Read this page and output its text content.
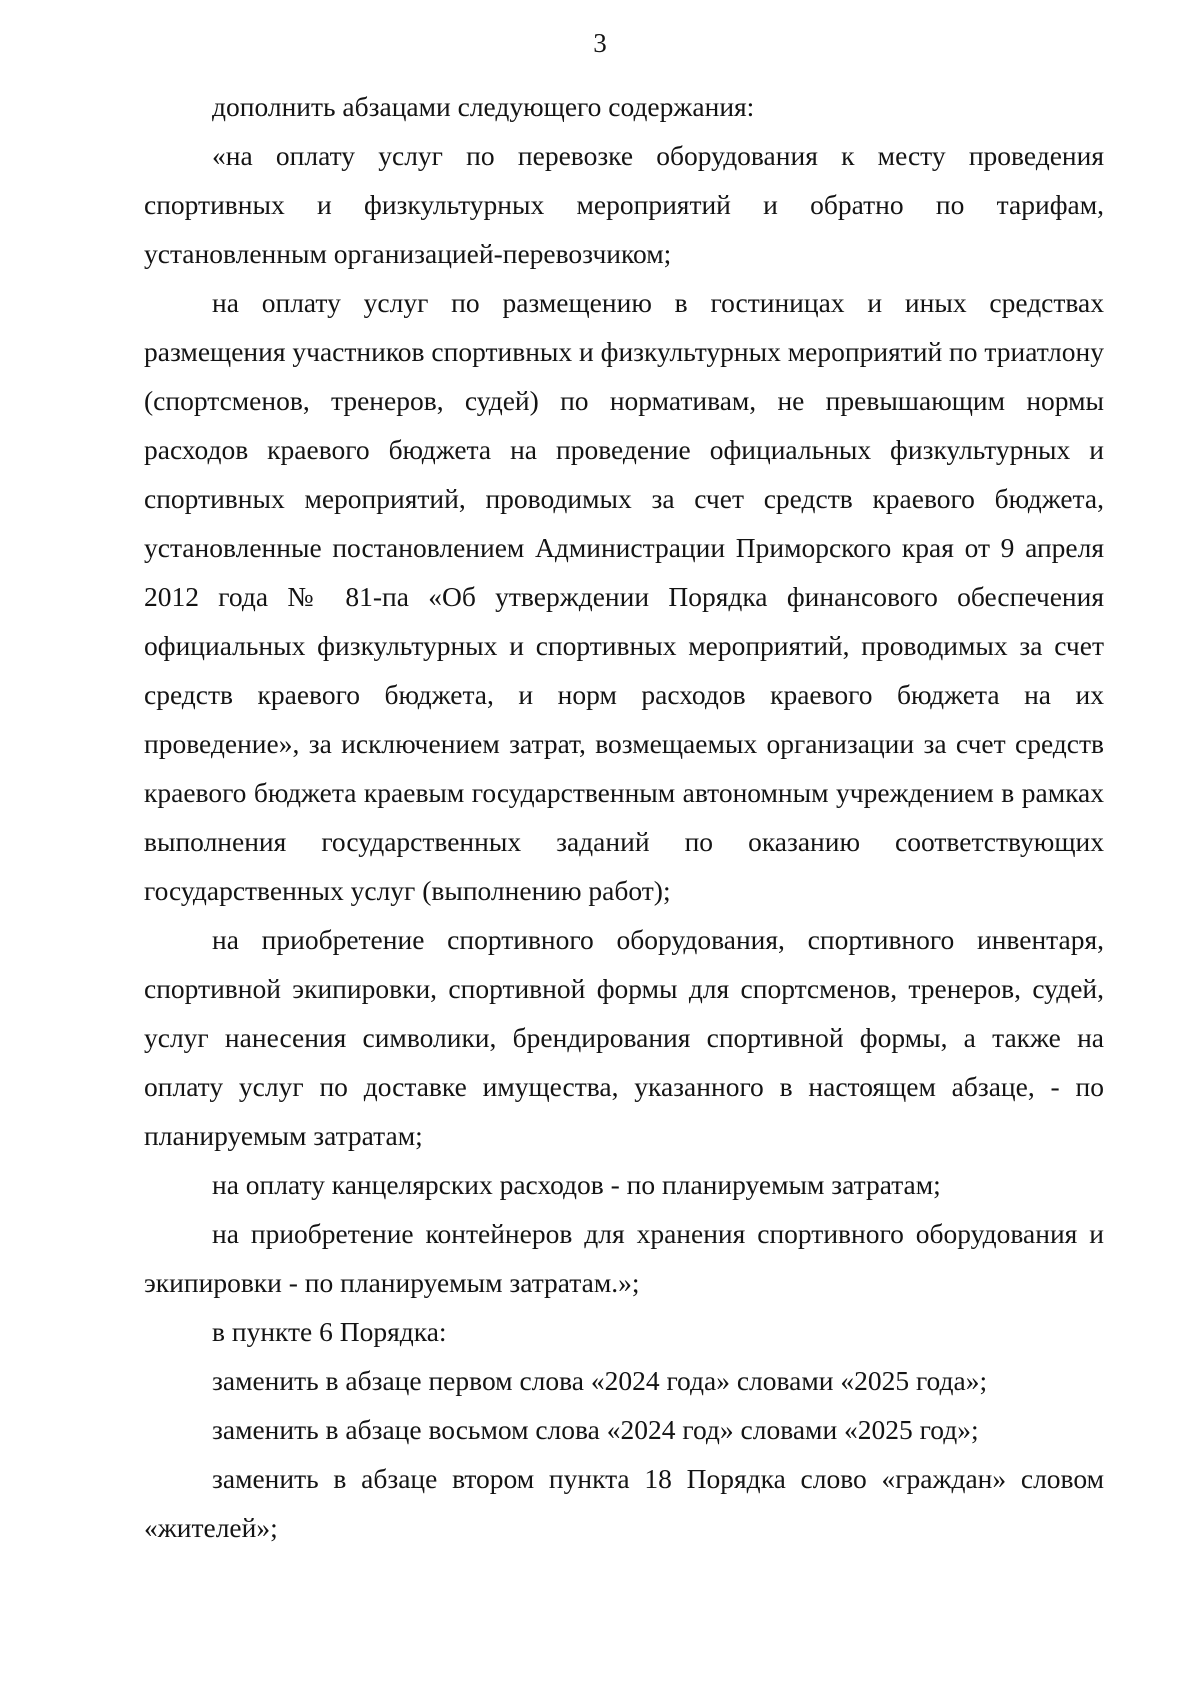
3

дополнить абзацами следующего содержания:

«на оплату услуг по перевозке оборудования к месту проведения спортивных и физкультурных мероприятий и обратно по тарифам, установленным организацией-перевозчиком;

на оплату услуг по размещению в гостиницах и иных средствах размещения участников спортивных и физкультурных мероприятий по триатлону (спортсменов, тренеров, судей) по нормативам, не превышающим нормы расходов краевого бюджета на проведение официальных физкультурных и спортивных мероприятий, проводимых за счет средств краевого бюджета, установленные постановлением Администрации Приморского края от 9 апреля 2012 года № 81-па «Об утверждении Порядка финансового обеспечения официальных физкультурных и спортивных мероприятий, проводимых за счет средств краевого бюджета, и норм расходов краевого бюджета на их проведение», за исключением затрат, возмещаемых организации за счет средств краевого бюджета краевым государственным автономным учреждением в рамках выполнения государственных заданий по оказанию соответствующих государственных услуг (выполнению работ);

на приобретение спортивного оборудования, спортивного инвентаря, спортивной экипировки, спортивной формы для спортсменов, тренеров, судей, услуг нанесения символики, брендирования спортивной формы, а также на оплату услуг по доставке имущества, указанного в настоящем абзаце, - по планируемым затратам;

на оплату канцелярских расходов - по планируемым затратам;

на приобретение контейнеров для хранения спортивного оборудования и экипировки - по планируемым затратам.»;

в пункте 6 Порядка:

заменить в абзаце первом слова «2024 года» словами «2025 года»;

заменить в абзаце восьмом слова «2024 год» словами «2025 год»;

заменить в абзаце втором пункта 18 Порядка слово «граждан» словом «жителей»;
